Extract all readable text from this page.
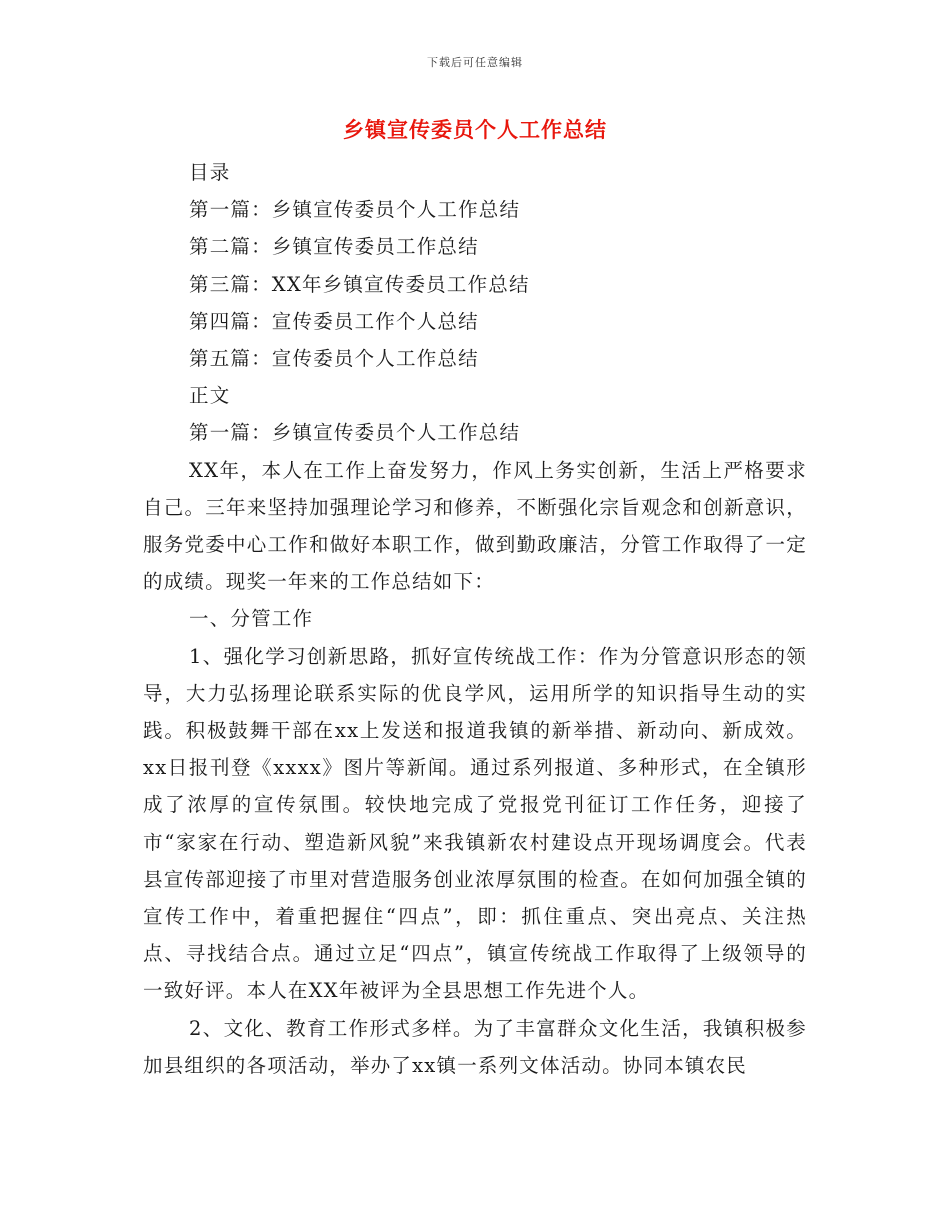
下载后可任意编辑
乡镇宣传委员个人工作总结

目录

第一篇：乡镇宣传委员个人工作总结

第二篇：乡镇宣传委员工作总结

第三篇：XX年乡镇宣传委员工作总结

第四篇：宣传委员工作个人总结

第五篇：宣传委员个人工作总结

正文

第一篇：乡镇宣传委员个人工作总结

XX年，本人在工作上奋发努力，作风上务实创新，生活上严格要求自己。三年来坚持加强理论学习和修养，不断强化宗旨观念和创新意识，服务党委中心工作和做好本职工作，做到勤政廉洁，分管工作取得了一定的成绩。现奖一年来的工作总结如下：

一、分管工作

1、强化学习创新思路，抓好宣传统战工作：作为分管意识形态的领导，大力弘扬理论联系实际的优良学风，运用所学的知识指导生动的实践。积极鼓舞干部在xx上发送和报道我镇的新举措、新动向、新成效。xx日报刊登《xxxx》图片等新闻。通过系列报道、多种形式，在全镇形成了浓厚的宣传氛围。较快地完成了党报党刊征订工作任务，迎接了市“家家在行动、塑造新风貌”来我镇新农村建设点开现场调度会。代表县宣传部迎接了市里对营造服务创业浓厚氛围的检查。在如何加强全镇的宣传工作中，着重把握住“四点”，即：抓住重点、突出亮点、关注热点、寻找结合点。通过立足“四点”，镇宣传统战工作取得了上级领导的一致好评。本人在XX年被评为全县思想工作先进个人。

2、文化、教育工作形式多样。为了丰富群众文化生活，我镇积极参加县组织的各项活动，举办了xx镇一系列文体活动。协同本镇农民
